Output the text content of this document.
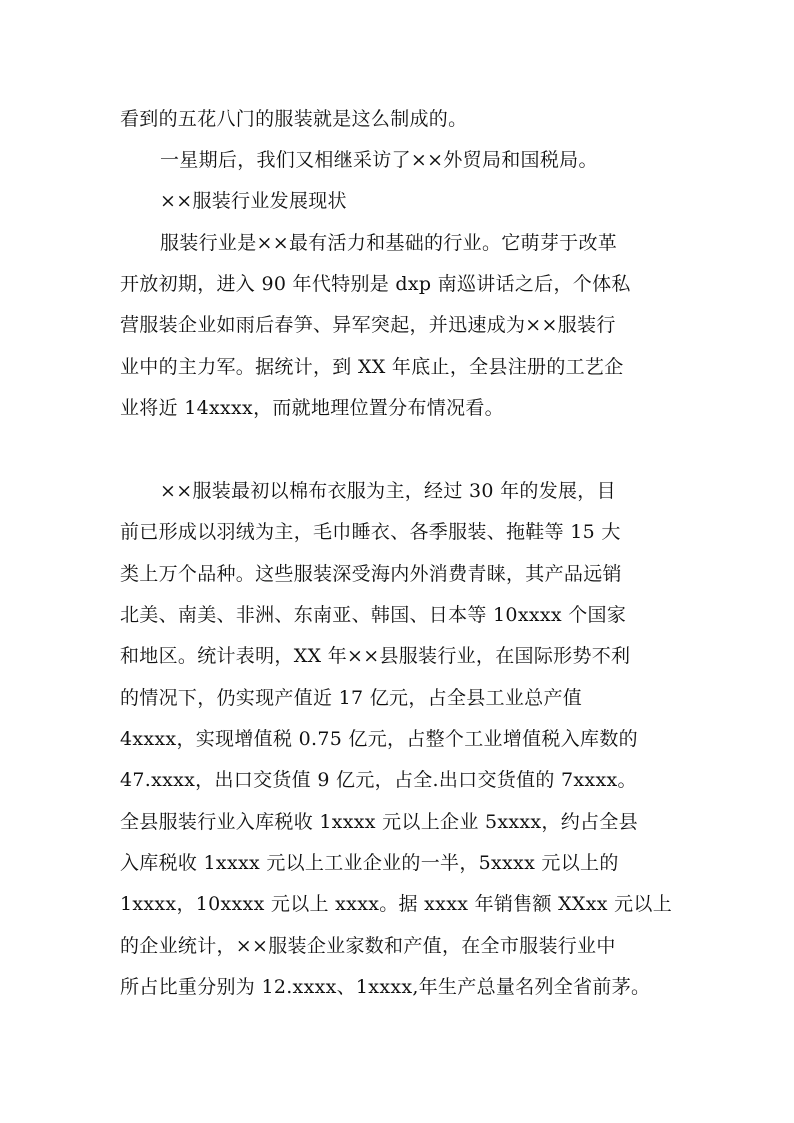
看到的五花八门的服装就是这么制成的。
一星期后，我们又相继采访了××外贸局和国税局。
××服装行业发展现状
服装行业是××最有活力和基础的行业。它萌芽于改革
开放初期，进入 90 年代特别是 dxp 南巡讲话之后，个体私
营服装企业如雨后春笋、异军突起，并迅速成为××服装行
业中的主力军。据统计，到 XX 年底止，全县注册的工艺企
业将近 14xxxx，而就地理位置分布情况看。
××服装最初以棉布衣服为主，经过 30 年的发展，目
前已形成以羽绒为主，毛巾睡衣、各季服装、拖鞋等 15 大
类上万个品种。这些服装深受海内外消费青睐，其产品远销
北美、南美、非洲、东南亚、韩国、日本等 10xxxx 个国家
和地区。统计表明，XX 年××县服装行业，在国际形势不利
的情况下，仍实现产值近 17 亿元，占全县工业总产值
4xxxx，实现增值税 0.75 亿元，占整个工业增值税入库数的
47.xxxx，出口交货值 9 亿元，占全.出口交货值的 7xxxx。
全县服装行业入库税收 1xxxx 元以上企业 5xxxx，约占全县
入库税收 1xxxx 元以上工业企业的一半，5xxxx 元以上的
1xxxx，10xxxx 元以上 xxxx。据 xxxx 年销售额 XXxx 元以上
的企业统计，××服装企业家数和产值，在全市服装行业中
所占比重分别为 12.xxxx、1xxxx,年生产总量名列全省前茅。
